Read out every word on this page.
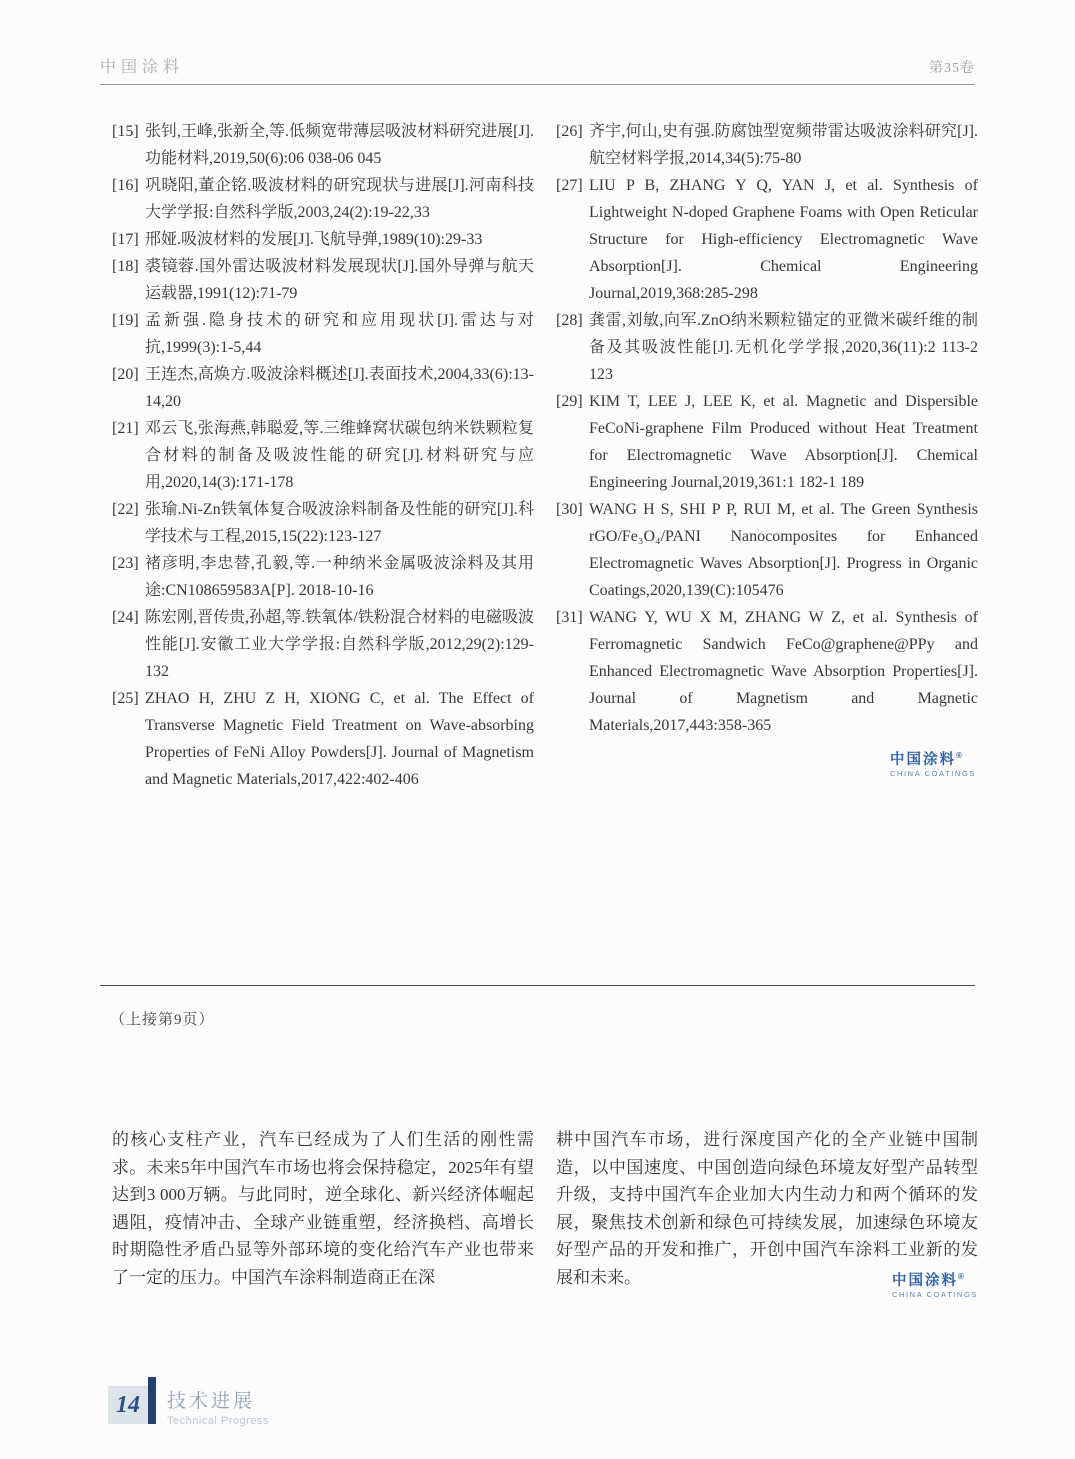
中国涂料	第35卷
[15] 张钊,王峰,张新全,等.低频宽带薄层吸波材料研究进展[J].功能材料,2019,50(6):06 038-06 045
[16] 巩晓阳,董企铭.吸波材料的研究现状与进展[J].河南科技大学学报:自然科学版,2003,24(2):19-22,33
[17] 邢娅.吸波材料的发展[J].飞航导弹,1989(10):29-33
[18] 裘镜蓉.国外雷达吸波材料发展现状[J].国外导弹与航天运载器,1991(12):71-79
[19] 孟新强.隐身技术的研究和应用现状[J].雷达与对抗,1999(3):1-5,44
[20] 王连杰,高焕方.吸波涂料概述[J].表面技术,2004,33(6):13-14,20
[21] 邓云飞,张海燕,韩聪爱,等.三维蜂窝状碳包纳米铁颗粒复合材料的制备及吸波性能的研究[J].材料研究与应用,2020,14(3):171-178
[22] 张瑜.Ni-Zn铁氧体复合吸波涂料制备及性能的研究[J].科学技术与工程,2015,15(22):123-127
[23] 褚彦明,李忠替,孔毅,等.一种纳米金属吸波涂料及其用途:CN108659583A[P]. 2018-10-16
[24] 陈宏刚,晋传贵,孙超,等.铁氧体/铁粉混合材料的电磁吸波性能[J].安徽工业大学学报:自然科学版,2012,29(2):129-132
[25] ZHAO H, ZHU Z H, XIONG C, et al. The Effect of Transverse Magnetic Field Treatment on Wave-absorbing Properties of FeNi Alloy Powders[J]. Journal of Magnetism and Magnetic Materials,2017,422:402-406
[26] 齐宇,何山,史有强.防腐蚀型宽频带雷达吸波涂料研究[J].航空材料学报,2014,34(5):75-80
[27] LIU P B, ZHANG Y Q, YAN J, et al. Synthesis of Lightweight N-doped Graphene Foams with Open Reticular Structure for High-efficiency Electromagnetic Wave Absorption[J]. Chemical Engineering Journal,2019,368:285-298
[28] 龚雷,刘敏,向军.ZnO纳米颗粒锚定的亚微米碳纤维的制备及其吸波性能[J].无机化学学报,2020,36(11):2 113-2 123
[29] KIM T, LEE J, LEE K, et al. Magnetic and Dispersible FeCoNi-graphene Film Produced without Heat Treatment for Electromagnetic Wave Absorption[J]. Chemical Engineering Journal,2019,361:1 182-1 189
[30] WANG H S, SHI P P, RUI M, et al. The Green Synthesis rGO/Fe₃O₄/PANI Nanocomposites for Enhanced Electromagnetic Waves Absorption[J]. Progress in Organic Coatings,2020,139(C):105476
[31] WANG Y, WU X M, ZHANG W Z, et al. Synthesis of Ferromagnetic Sandwich FeCo@graphene@PPy and Enhanced Electromagnetic Wave Absorption Properties[J]. Journal of Magnetism and Magnetic Materials,2017,443:358-365
中国涂料®
CHINA COATINGS
（上接第9页）

的核心支柱产业，汽车已经成为了人们生活的刚性需求。未来5年中国汽车市场也将会保持稳定，2025年有望达到3 000万辆。与此同时，逆全球化、新兴经济体崛起遇阻，疫情冲击、全球产业链重塑，经济换档、高增长时期隐性矛盾凸显等外部环境的变化给汽车产业也带来了一定的压力。中国汽车涂料制造商正在深

耕中国汽车市场，进行深度国产化的全产业链中国制造，以中国速度、中国创造向绿色环境友好型产品转型升级，支持中国汽车企业加大内生动力和两个循环的发展，聚焦技术创新和绿色可持续发展，加速绿色环境友好型产品的开发和推广，开创中国汽车涂料工业新的发展和未来。	中国涂料®
CHINA COATINGS
14	技术进展
Technical Progress
